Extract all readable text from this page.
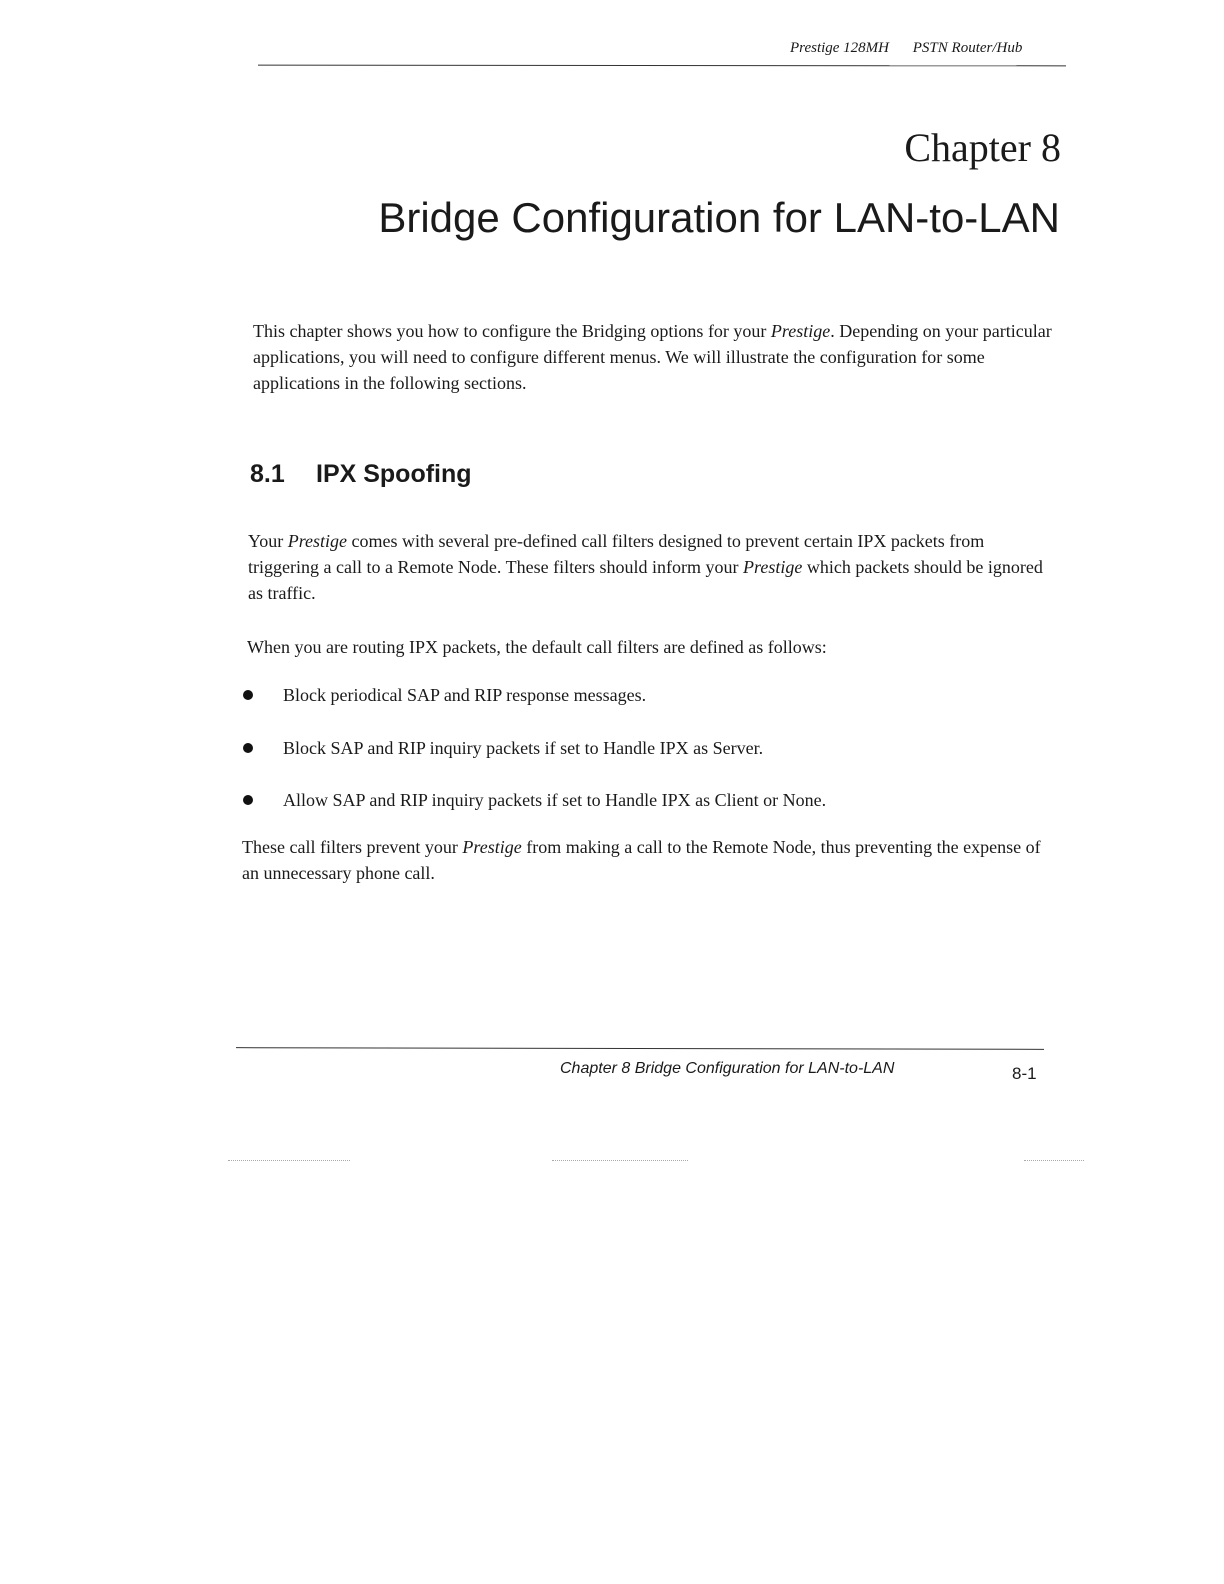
Prestige 128MH PSTN Router/Hub
Chapter 8
Bridge Configuration for LAN-to-LAN

This chapter shows you how to configure the Bridging options for your Prestige. Depending on your particular applications, you will need to configure different menus. We will illustrate the configuration for some applications in the following sections.

8.1 IPX Spoofing

Your Prestige comes with several pre-defined call filters designed to prevent certain IPX packets from triggering a call to a Remote Node. These filters should inform your Prestige which packets should be ignored as traffic.

When you are routing IPX packets, the default call filters are defined as follows:

Block periodical SAP and RIP response messages.
Block SAP and RIP inquiry packets if set to Handle IPX as Server.
Allow SAP and RIP inquiry packets if set to Handle IPX as Client or None.

These call filters prevent your Prestige from making a call to the Remote Node, thus preventing the expense of an unnecessary phone call.

Chapter 8 Bridge Configuration for LAN-to-LAN	8-1
